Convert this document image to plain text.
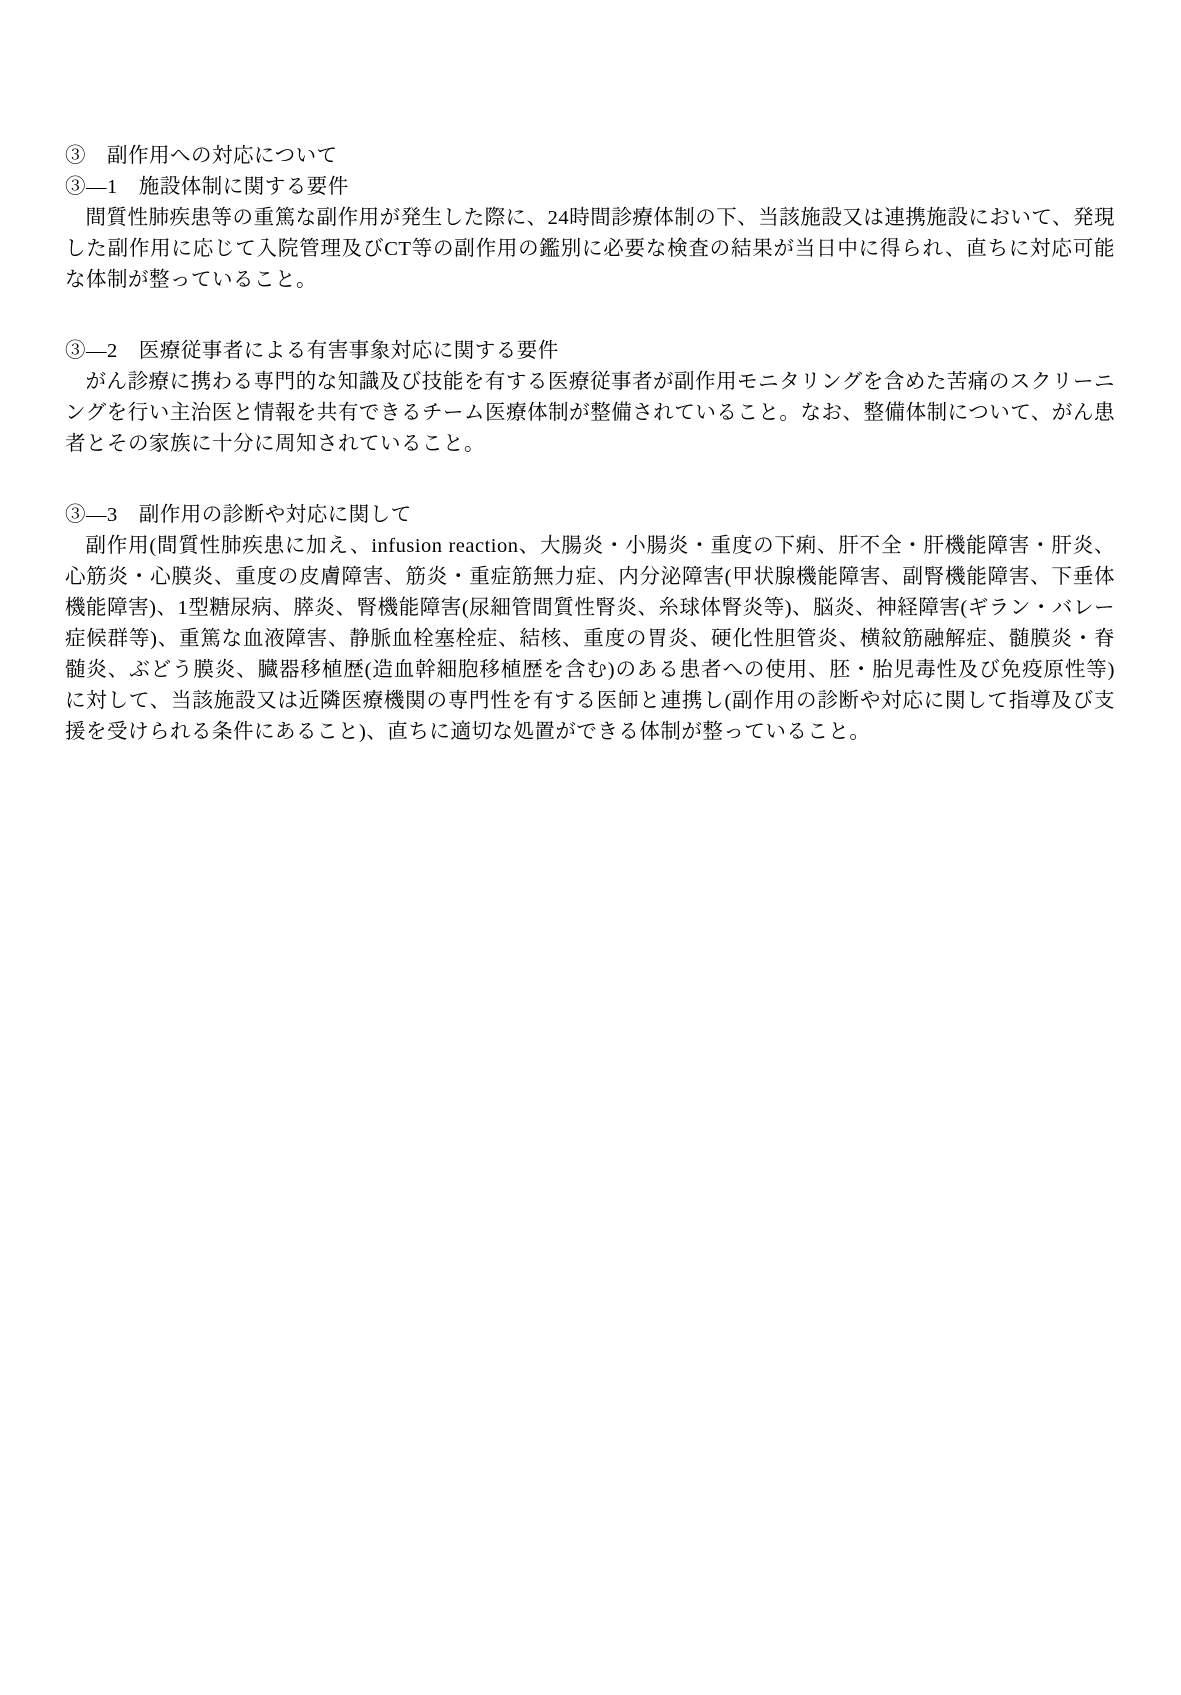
③　副作用への対応について
③―1　施設体制に関する要件

間質性肺疾患等の重篤な副作用が発生した際に、24時間診療体制の下、当該施設又は連携施設において、発現した副作用に応じて入院管理及びCT等の副作用の鑑別に必要な検査の結果が当日中に得られ、直ちに対応可能な体制が整っていること。

③―2　医療従事者による有害事象対応に関する要件

がん診療に携わる専門的な知識及び技能を有する医療従事者が副作用モニタリングを含めた苦痛のスクリーニングを行い主治医と情報を共有できるチーム医療体制が整備されていること。なお、整備体制について、がん患者とその家族に十分に周知されていること。

③―3　副作用の診断や対応に関して

副作用(間質性肺疾患に加え、infusion reaction、大腸炎・小腸炎・重度の下痢、肝不全・肝機能障害・肝炎、心筋炎・心膜炎、重度の皮膚障害、筋炎・重症筋無力症、内分泌障害(甲状腺機能障害、副腎機能障害、下垂体機能障害)、1型糖尿病、膵炎、腎機能障害(尿細管間質性腎炎、糸球体腎炎等)、脳炎、神経障害(ギラン・バレー症候群等)、重篤な血液障害、静脈血栓塞栓症、結核、重度の胃炎、硬化性胆管炎、横紋筋融解症、髄膜炎・脊髄炎、ぶどう膜炎、臓器移植歴(造血幹細胞移植歴を含む)のある患者への使用、胚・胎児毒性及び免疫原性等)に対して、当該施設又は近隣医療機関の専門性を有する医師と連携し(副作用の診断や対応に関して指導及び支援を受けられる条件にあること)、直ちに適切な処置ができる体制が整っていること。
